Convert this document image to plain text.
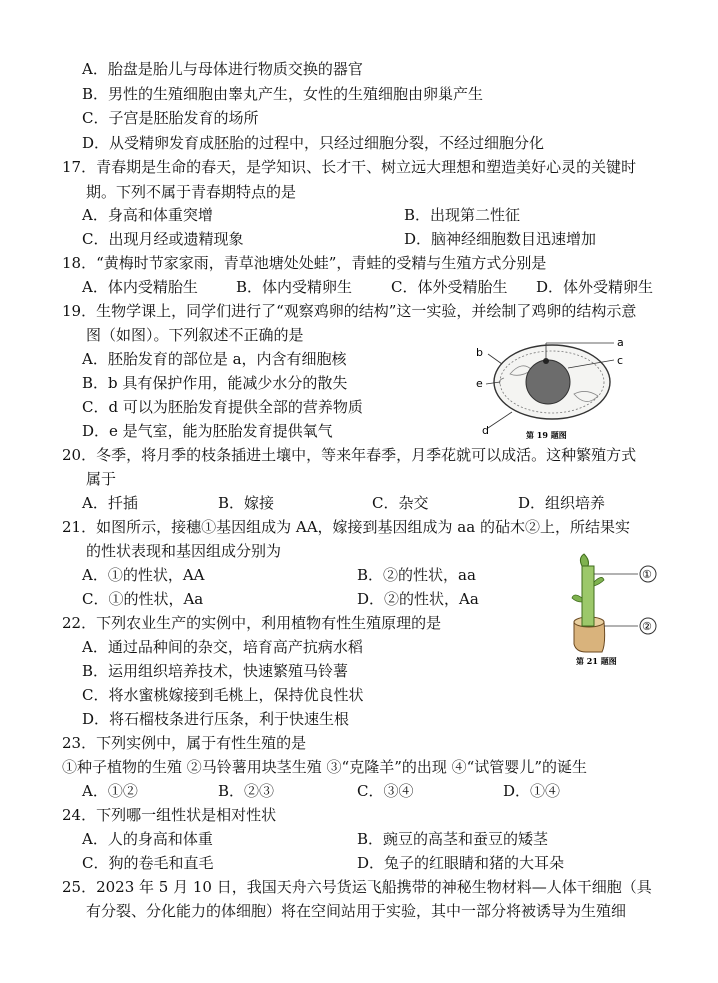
A．胎盘是胎儿与母体进行物质交换的器官
B．男性的生殖细胞由睾丸产生，女性的生殖细胞由卵巢产生
C．子宫是胚胎发育的场所
D．从受精卵发育成胚胎的过程中，只经过细胞分裂，不经过细胞分化
17．青春期是生命的春天，是学知识、长才干、树立远大理想和塑造美好心灵的关键时
期。下列不属于青春期特点的是
A．身高和体重突增	B．出现第二性征
C．出现月经或遗精现象	D．脑神经细胞数目迅速增加
18．“黄梅时节家家雨，青草池塘处处蛙”，青蛙的受精与生殖方式分别是
A．体内受精胎生	B．体内受精卵生	C．体外受精胎生 D．体外受精卵生
19．生物学课上，同学们进行了“观察鸡卵的结构”这一实验，并绘制了鸡卵的结构示意
图（如图）。下列叙述不正确的是
A．胚胎发育的部位是 a，内含有细胞核
B．b 具有保护作用，能减少水分的散失
C．d 可以为胚胎发育提供全部的营养物质
D．e 是气室，能为胚胎发育提供氧气
a
b
c
d
e
第 19 题图
20．冬季，将月季的枝条插进土壤中，等来年春季，月季花就可以成活。这种繁殖方式
属于
A．扦插	B．嫁接	C．杂交	D．组织培养
21．如图所示，接穗①基因组成为 AA，嫁接到基因组成为 aa 的砧木②上，所结果实
的性状表现和基因组成分别为
A．①的性状，AA	B．②的性状，aa
C．①的性状，Aa	D．②的性状，Aa
①
②
第 21 题图
22．下列农业生产的实例中，利用植物有性生殖原理的是
A．通过品种间的杂交，培育高产抗病水稻
B．运用组织培养技术，快速繁殖马铃薯
C．将水蜜桃嫁接到毛桃上，保持优良性状
D．将石榴枝条进行压条，利于快速生根
23．下列实例中，属于有性生殖的是
①种子植物的生殖 ②马铃薯用块茎生殖 ③“克隆羊”的出现 ④“试管婴儿”的诞生
A．①②	B．②③	C．③④	D．①④
24．下列哪一组性状是相对性状
A．人的身高和体重	B．豌豆的高茎和蚕豆的矮茎
C．狗的卷毛和直毛	D．兔子的红眼睛和猪的大耳朵
25．2023 年 5 月 10 日，我国天舟六号货运飞船携带的神秘生物材料—人体干细胞（具
有分裂、分化能力的体细胞）将在空间站用于实验，其中一部分将被诱导为生殖细
